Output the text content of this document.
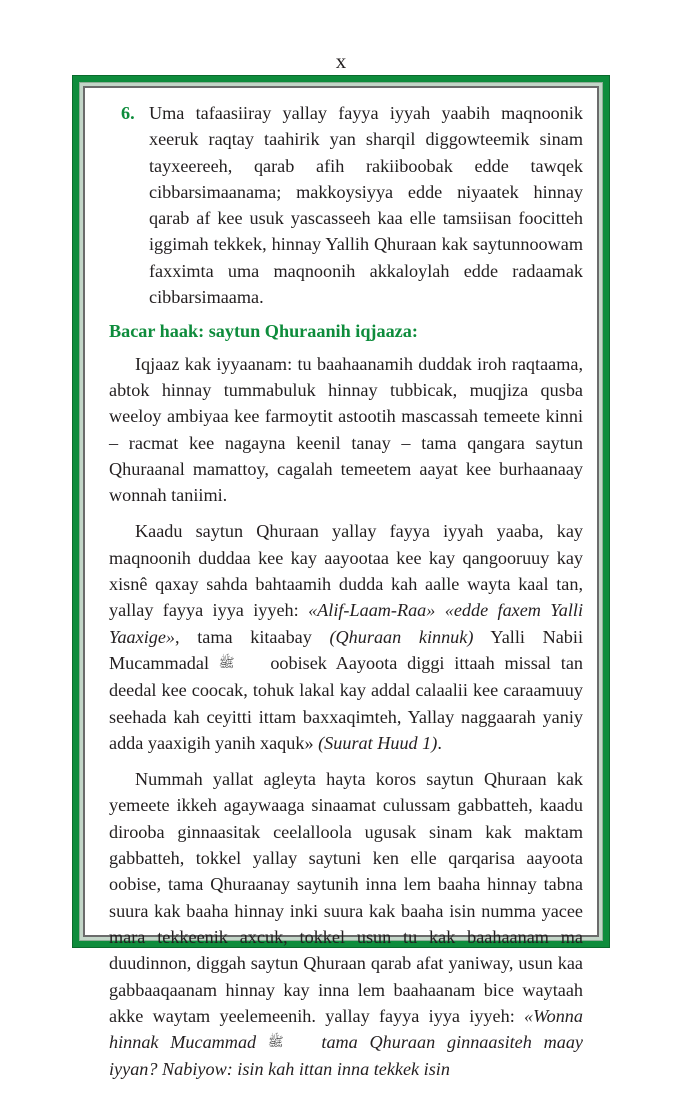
x
6. Uma tafaasiiray yallay fayya iyyah yaabih maqnoonik xeeruk raqtay taahirik yan sharqil diggowteemik sinam tayxeereeh, qarab afih rakiiboobak edde tawqek cibbarsimaanama; makkoysiyya edde niyaatek hinnay qarab af kee usuk yascasseeh kaa elle tamsiisan foocitteh iggimah tekkek, hinnay Yallih Qhuraan kak saytunnoowam faxximta uma maqnoonih akkaloylah edde radaamak cibbarsimaama.
Bacar haak: saytun Qhuraanih iqjaaza:

Iqjaaz kak iyyaanam: tu baahaanamih duddak iroh raqtaama, abtok hinnay tummabuluk hinnay tubbicak, muqjiza qusba weeloy ambiyaa kee farmoytit astootih mascassah temeete kinni – racmat kee nagayna keenil tanay – tama qangara saytun Qhuraanal mamattoy, cagalah temeetem aayat kee burhaanaay wonnah taniimi.

Kaadu saytun Qhuraan yallay fayya iyyah yaaba, kay maqnoonih duddaa kee kay aayootaa kee kay qangooruuy kay xisnê qaxay sahda bahtaamih dudda kah aalle wayta kaal tan, yallay fayya iyya iyyeh: «Alif-Laam-Raa» «edde faxem Yalli Yaaxige», tama kitaabay (Qhuraan kinnuk) Yalli Nabii Mucammadal ﷺ oobisek Aayoota diggi ittaah missal tan deedal kee coocak, tohuk lakal kay addal calaalii kee caraamuuy seehada kah ceyitti ittam baxxaqimteh, Yallay naggaarah yaniy adda yaaxigih yanih xaquk» (Suurat Huud 1).

Nummah yallat agleyta hayta koros saytun Qhuraan kak yemeete ikkeh agaywaaga sinaamat culussam gabbatteh, kaadu dirooba ginnaasitak ceelalloola ugusak sinam kak maktam gabbatteh, tokkel yallay saytuni ken elle qarqarisa aayoota oobise, tama Qhuraanay saytunih inna lem baaha hinnay tabna suura kak baaha hinnay inki suura kak baaha isin numma yacee mara tekkeenik axcuk, tokkel usun tu kak baahaanam ma duudinnon, diggah saytun Qhuraan qarab afat yaniway, usun kaa gabbaaqaanam hinnay kay inna lem baahaanam bice waytaah akke waytam yeelemeenih. yallay fayya iyya iyyeh: «Wonna hinnak Mucammad ﷺ tama Qhuraan ginnaasiteh maay iyyan? Nabiyow: isin kah ittan inna tekkek isin
